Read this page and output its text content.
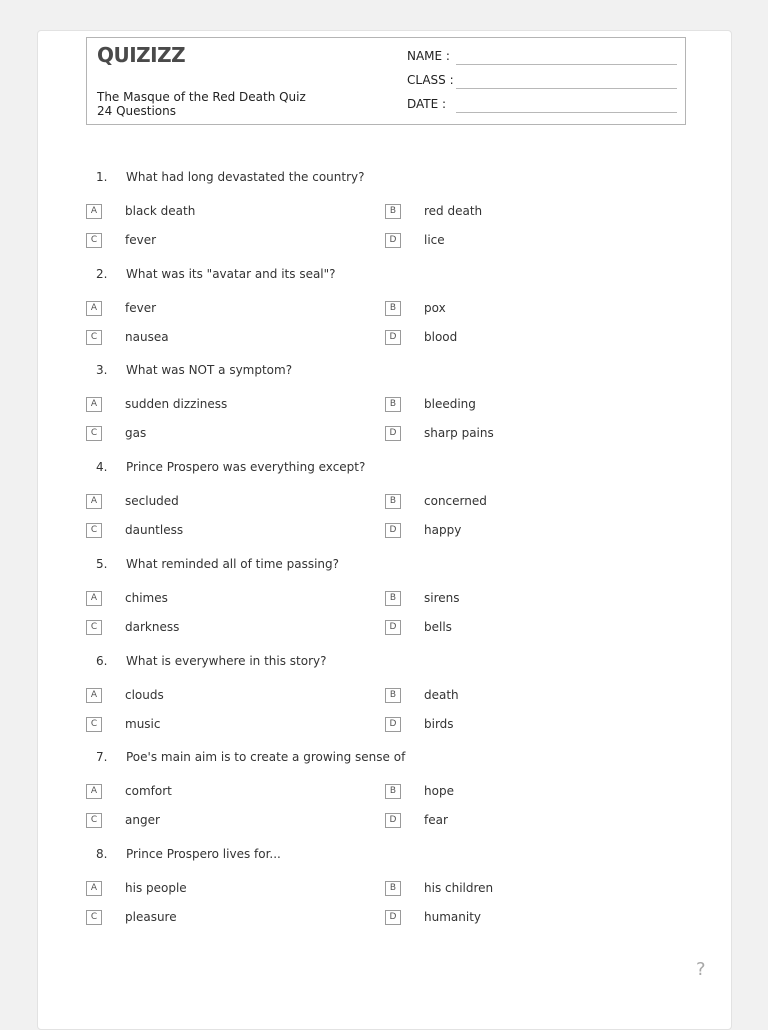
QUIZIZZ
The Masque of the Red Death Quiz
24 Questions
NAME :
CLASS :
DATE :
1. What had long devastated the country?
A	black death	B	red death
C	fever	D	lice
2. What was its "avatar and its seal"?
A	fever	B	pox
C	nausea	D	blood
3. What was NOT a symptom?
A	sudden dizziness	B	bleeding
C	gas	D	sharp pains
4. Prince Prospero was everything except?
A	secluded	B	concerned
C	dauntless	D	happy
5. What reminded all of time passing?
A	chimes	B	sirens
C	darkness	D	bells
6. What is everywhere in this story?
A	clouds	B	death
C	music	D	birds
7. Poe's main aim is to create a growing sense of
A	comfort	B	hope
C	anger	D	fear
8. Prince Prospero lives for...
A	his people	B	his children
C	pleasure	D	humanity
?
